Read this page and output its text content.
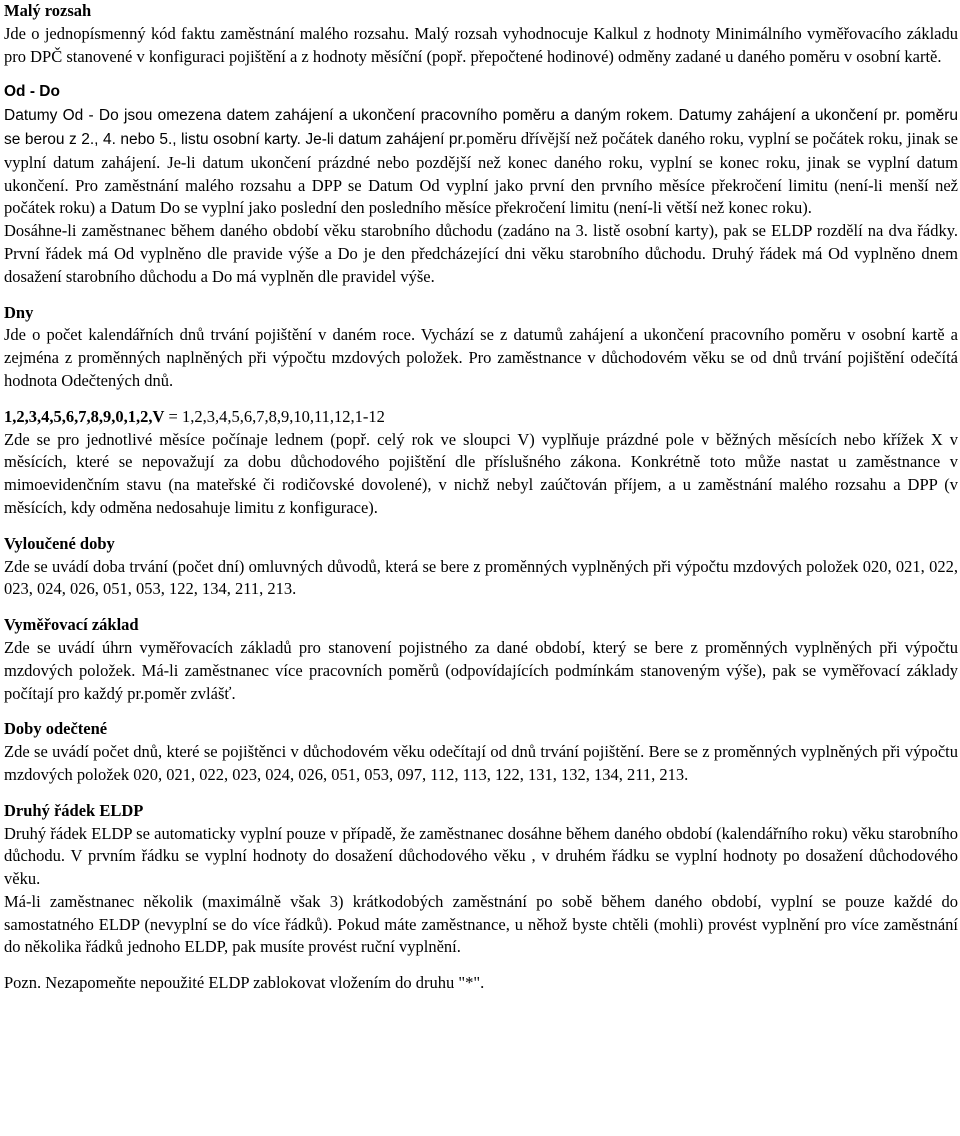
Malý rozsah
Jde o jednopísmenný kód faktu zaměstnání malého rozsahu. Malý rozsah vyhodnocuje Kalkul z hodnoty Minimálního vyměřovacího základu pro DPČ stanovené v konfiguraci pojištění a z hodnoty měsíční (popř. přepočtené hodinové) odměny zadané u daného poměru v osobní kartě.
Od - Do
Datumy Od - Do jsou omezena datem zahájení a ukončení pracovního poměru a daným rokem. Datumy zahájení a ukončení pr. poměru se berou z 2., 4. nebo 5., listu osobní karty. Je-li datum zahájení pr.poměru dřívější než počátek daného roku, vyplní se počátek roku, jinak se vyplní datum zahájení. Je-li datum ukončení prázdné nebo pozdější než konec daného roku, vyplní se konec roku, jinak se vyplní datum ukončení. Pro zaměstnání malého rozsahu a DPP se Datum Od vyplní jako první den prvního měsíce překročení limitu (není-li menší než počátek roku) a Datum Do se vyplní jako poslední den posledního měsíce překročení limitu (není-li větší než konec roku).
Dosáhne-li zaměstnanec během daného období věku starobního důchodu (zadáno na 3. listě osobní karty), pak se ELDP rozdělí na dva řádky. První řádek má Od vyplněno dle pravide výše a Do je den předcházející dni věku starobního důchodu. Druhý řádek má Od vyplněno dnem dosažení starobního důchodu a Do má vyplněn dle pravidel výše.
Dny
Jde o počet kalendářních dnů trvání pojištění v daném roce. Vychází se z datumů zahájení a ukončení pracovního poměru v osobní kartě a zejména z proměnných naplněných při výpočtu mzdových položek. Pro zaměstnance v důchodovém věku se od dnů trvání pojištění odečítá hodnota Odečtených dnů.
1,2,3,4,5,6,7,8,9,0,1,2,V = 1,2,3,4,5,6,7,8,9,10,11,12,1-12
Zde se pro jednotlivé měsíce počínaje lednem (popř. celý rok ve sloupci V) vyplňuje prázdné pole v běžných měsících nebo křížek X v měsících, které se nepovažují za dobu důchodového pojištění dle příslušného zákona. Konkrétně toto může nastat u zaměstnance v mimoevidenčním stavu (na mateřské či rodičovské dovolené), v nichž nebyl zaúčtován příjem, a u zaměstnání malého rozsahu a DPP (v měsících, kdy odměna nedosahuje limitu z konfigurace).
Vyloučené doby
Zde se uvádí doba trvání (počet dní) omluvných důvodů, která se bere z proměnných vyplněných při výpočtu mzdových položek 020, 021, 022, 023, 024, 026, 051, 053, 122, 134, 211, 213.
Vyměřovací základ
Zde se uvádí úhrn vyměřovacích základů pro stanovení pojistného za dané období, který se bere z proměnných vyplněných při výpočtu mzdových položek. Má-li zaměstnanec více pracovních poměrů (odpovídajících podmínkám stanoveným výše), pak se vyměřovací základy počítají pro každý pr.poměr zvlášť.
Doby odečtené
Zde se uvádí počet dnů, které se pojištěnci v důchodovém věku odečítají od dnů trvání pojištění. Bere se z proměnných vyplněných při výpočtu mzdových položek 020, 021, 022, 023, 024, 026, 051, 053, 097, 112, 113, 122, 131, 132, 134, 211, 213.
Druhý řádek ELDP
Druhý řádek ELDP se automaticky vyplní pouze v případě, že zaměstnanec dosáhne během daného období (kalendářního roku) věku starobního důchodu. V prvním řádku se vyplní hodnoty do dosažení důchodového věku , v druhém řádku se vyplní hodnoty po dosažení důchodového věku.
Má-li zaměstnanec několik (maximálně však 3) krátkodobých zaměstnání po sobě během daného období, vyplní se pouze každé do samostatného ELDP (nevyplní se do více řádků). Pokud máte zaměstnance, u něhož byste chtěli (mohli) provést vyplnění pro více zaměstnání do několika řádků jednoho ELDP, pak musíte provést ruční vyplnění.
Pozn. Nezapomeňte nepoužité ELDP zablokovat vložením do druhu "*".
